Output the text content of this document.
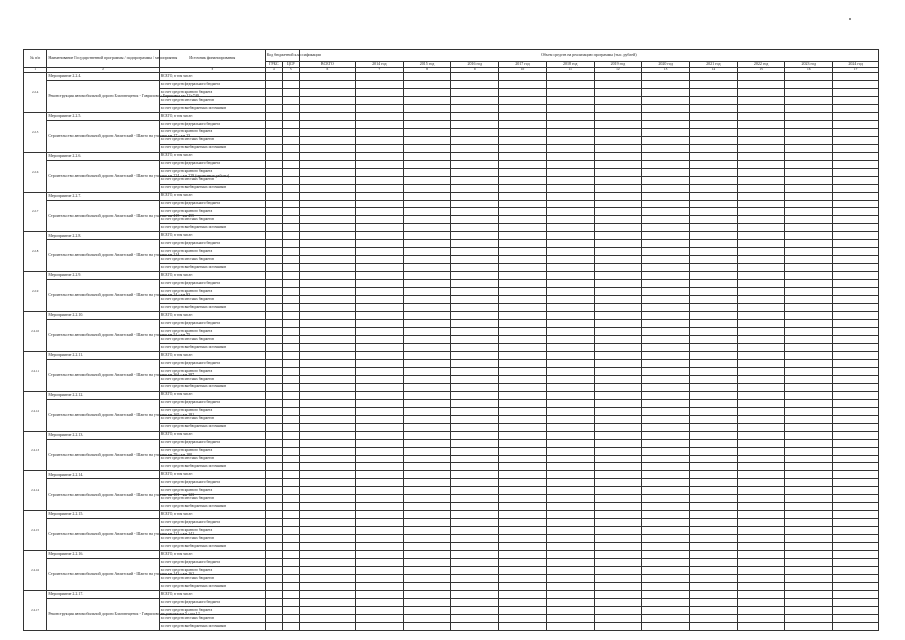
№ п/п	Наименование Государственной программы / подпрограммы / мероприятия	Источник финансирования	Код бюджетной классификации		Объем средств на реализацию программы (тыс. рублей)											
			ГРБС	ЦСР	ВСЕГО	2014 год	2015 год	2016 год	2017 год	2018 год	2019 год	2020 год	2021 год	2022 год	2023 год	2024 год
1	2	3	4	5	6	7	8	9	10	11	12	13	14	15	16	17
2.2.4	Мероприятие 2.2.4.	ВСЕГО, в том числе:														
	Реконструкция автомобильной дороги Благовещенск - Гаврилово - Березовка км 12+740	за счет средств федерального бюджета														
		за счет средств краевого бюджета														
		за счет средств местных бюджетов														
		за счет средств внебюджетных источников														
2.2.5	Мероприятие 2.2.5.	ВСЕГО, в том числе:														
	Строительство автомобильной дороги Авлитский - Шапто на участке км 17 - км 23	за счет средств федерального бюджета														
		за счет средств краевого бюджета														
		за счет средств местных бюджетов														
		за счет средств внебюджетных источников														
2.2.6	Мероприятие 2.2.6.	ВСЕГО, в том числе:														
	Строительство автомобильной дороги Авлитский - Шапто на участке км 224 - км 229 (проектные работы)	за счет средств федерального бюджета														
		за счет средств краевого бюджета														
		за счет средств местных бюджетов														
		за счет средств внебюджетных источников														
2.2.7	Мероприятие 2.2.7.	ВСЕГО, в том числе:														
	Строительство автомобильной дороги Авлитский - Шапто на участке км 415 - км 455	за счет средств федерального бюджета														
		за счет средств краевого бюджета														
		за счет средств местных бюджетов														
		за счет средств внебюджетных источников														
2.2.8	Мероприятие 2.2.8.	ВСЕГО, в том числе:														
	Строительство автомобильной дороги Авлитский - Шапто на участке км 214	за счет средств федерального бюджета														
		за счет средств краевого бюджета														
		за счет средств местных бюджетов														
		за счет средств внебюджетных источников														
2.2.9	Мероприятие 2.2.9.	ВСЕГО, в том числе:														
	Строительство автомобильной дороги Авлитский - Шапто на участке км 24 - км 93	за счет средств федерального бюджета														
		за счет средств краевого бюджета														
		за счет средств местных бюджетов														
		за счет средств внебюджетных источников														
2.2.10	Мероприятие 2.2.10.	ВСЕГО, в том числе:														
	Строительство автомобильной дороги Авлитский - Шапто на участке км 51 - км 75	за счет средств федерального бюджета														
		за счет средств краевого бюджета														
		за счет средств местных бюджетов														
		за счет средств внебюджетных источников														
2.2.11	Мероприятие 2.2.11.	ВСЕГО, в том числе:														
	Строительство автомобильной дороги Авлитский - Шапто на участке км 364 - км 387	за счет средств федерального бюджета														
		за счет средств краевого бюджета														
		за счет средств местных бюджетов														
		за счет средств внебюджетных источников														
2.2.12	Мероприятие 2.2.12.	ВСЕГО, в том числе:														
	Строительство автомобильной дороги Авлитский - Шапто на участке км 165 - км 181	за счет средств федерального бюджета														
		за счет средств краевого бюджета														
		за счет средств местных бюджетов														
		за счет средств внебюджетных источников														
2.2.13	Мероприятие 2.2.13.	ВСЕГО, в том числе:														
	Строительство автомобильной дороги Авлитский - Шапто на участке км 79 - км 100	за счет средств федерального бюджета														
		за счет средств краевого бюджета														
		за счет средств местных бюджетов														
		за счет средств внебюджетных источников														
2.2.14	Мероприятие 2.2.14.	ВСЕГО, в том числе:														
	Строительство автомобильной дороги Авлитский - Шапто на участке км 101 - км 123	за счет средств федерального бюджета														
		за счет средств краевого бюджета														
		за счет средств местных бюджетов														
		за счет средств внебюджетных источников														
2.2.15	Мероприятие 2.2.15.	ВСЕГО, в том числе:														
	Строительство автомобильной дороги Авлитский - Шапто на участке км 121 - км 141	за счет средств федерального бюджета														
		за счет средств краевого бюджета														
		за счет средств местных бюджетов														
		за счет средств внебюджетных источников														
2.2.16	Мероприятие 2.2.16.	ВСЕГО, в том числе:														
	Строительство автомобильной дороги Авлитский - Шапто на участке км 143 - км 162	за счет средств федерального бюджета														
		за счет средств краевого бюджета														
		за счет средств местных бюджетов														
		за счет средств внебюджетных источников														
2.2.17	Мероприятие 2.2.17.	ВСЕГО, в том числе:														
	Реконструкция автомобильной дороги Благовещенск - Гаврилово на участке км 5 - км 12	за счет средств федерального бюджета														
		за счет средств краевого бюджета														
		за счет средств местных бюджетов														
		за счет средств внебюджетных источников														
